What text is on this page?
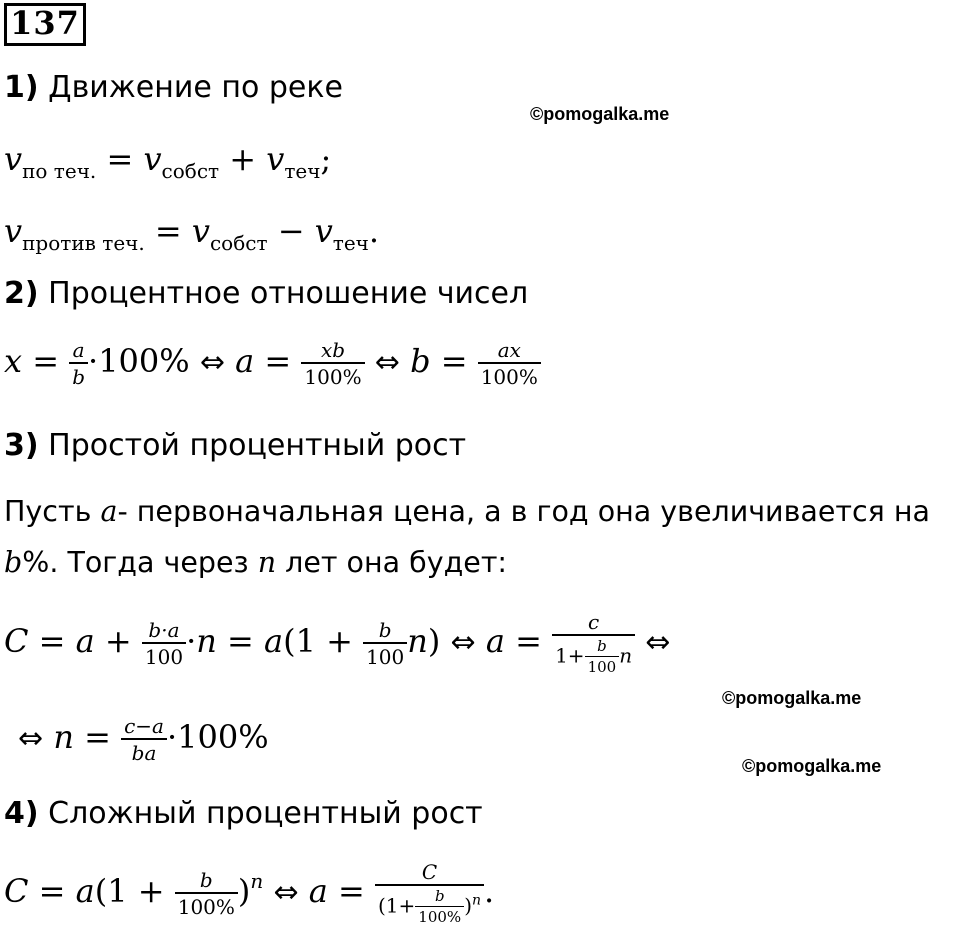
137
1) Движение по реке
©pomogalka.me
$v_{по теч.} = v_{собст} + v_{теч}$;
$v_{против теч.} = v_{собст} - v_{теч}$.
2) Процентное отношение чисел
$x = \frac{a}{b} \cdot 100\%$ ⇔ $a = \frac{xb}{100\%}$ ⇔ $b = \frac{ax}{100\%}$
3) Простой процентный рост
Пусть a- первоначальная цена, а в год она увеличивается на
b%. Тогда через n лет она будет:
$C = a + \frac{b\cdot a}{100} \cdot n = a(1 + \frac{b}{100} n)$ ⇔ $a = \frac{c}{1+ \frac{b}{100} n}$ ⇔
©pomogalka.me
⇔ $n = \frac{c-a}{ba} \cdot 100\%$
©pomogalka.me
4) Сложный процентный рост
$C = a(1 + \frac{b}{100\%} )^n$ ⇔ $a = \frac{C}{(1+ \frac{b}{100\%} )^n}$ .
